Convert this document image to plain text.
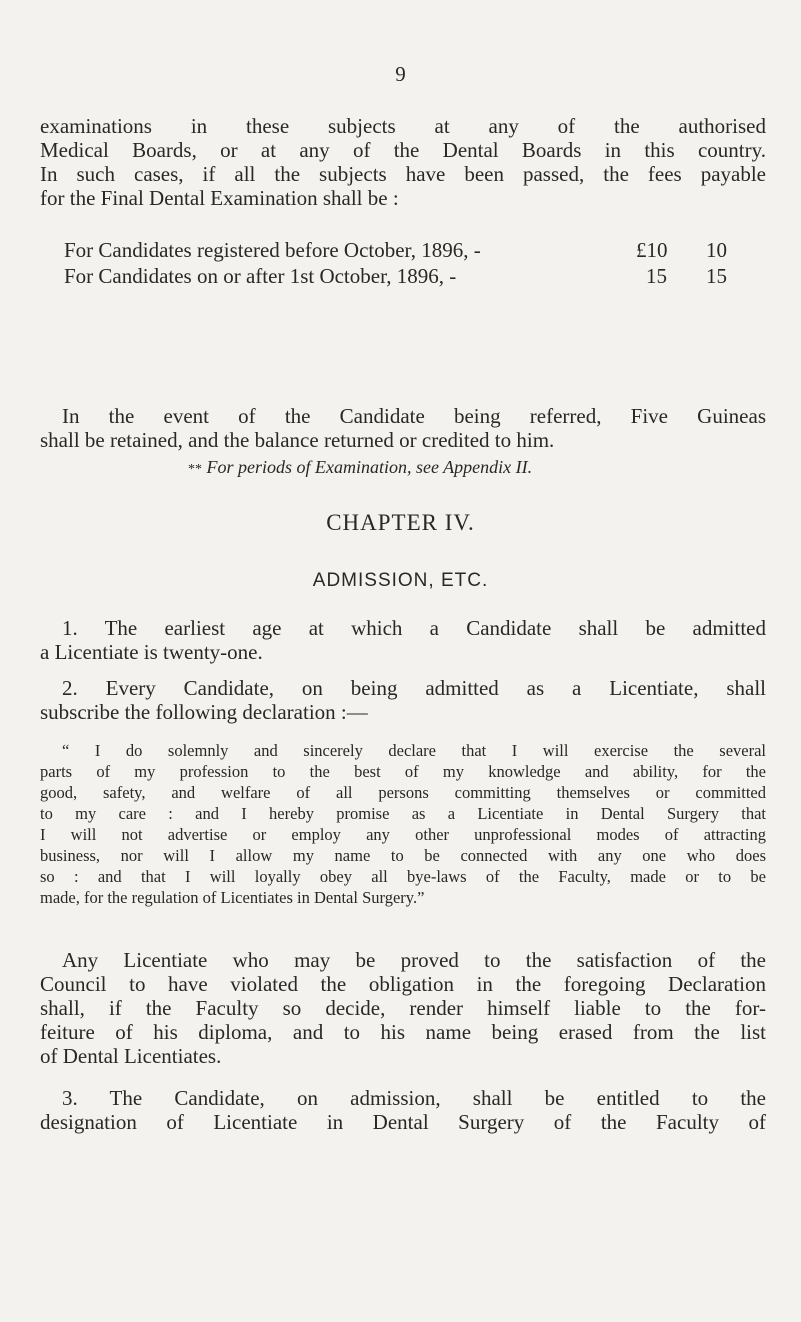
9
examinations in these subjects at any of the authorised
Medical Boards, or at any of the Dental Boards in this country.
In such cases, if all the subjects have been passed, the fees payable
for the Final Dental Examination shall be :
For Candidates registered before October, 1896, -	£10 10
For Candidates on or after 1st October, 1896, -	15 15
In the event of the Candidate being referred, Five Guineas
shall be retained, and the balance returned or credited to him.
*⁢* For periods of Examination, see Appendix II.
CHAPTER IV.
ADMISSION, ETC.
1. The earliest age at which a Candidate shall be admitted
a Licentiate is twenty-one.
2. Every Candidate, on being admitted as a Licentiate, shall
subscribe the following declaration :—
“ I do solemnly and sincerely declare that I will exercise the several
parts of my profession to the best of my knowledge and ability, for the
good, safety, and welfare of all persons committing themselves or committed
to my care : and I hereby promise as a Licentiate in Dental Surgery that
I will not advertise or employ any other unprofessional modes of attracting
business, nor will I allow my name to be connected with any one who does
so : and that I will loyally obey all bye-laws of the Faculty, made or to be
made, for the regulation of Licentiates in Dental Surgery.”
Any Licentiate who may be proved to the satisfaction of the
Council to have violated the obligation in the foregoing Declaration
shall, if the Faculty so decide, render himself liable to the for-
feiture of his diploma, and to his name being erased from the list
of Dental Licentiates.
3. The Candidate, on admission, shall be entitled to the
designation of Licentiate in Dental Surgery of the Faculty of
